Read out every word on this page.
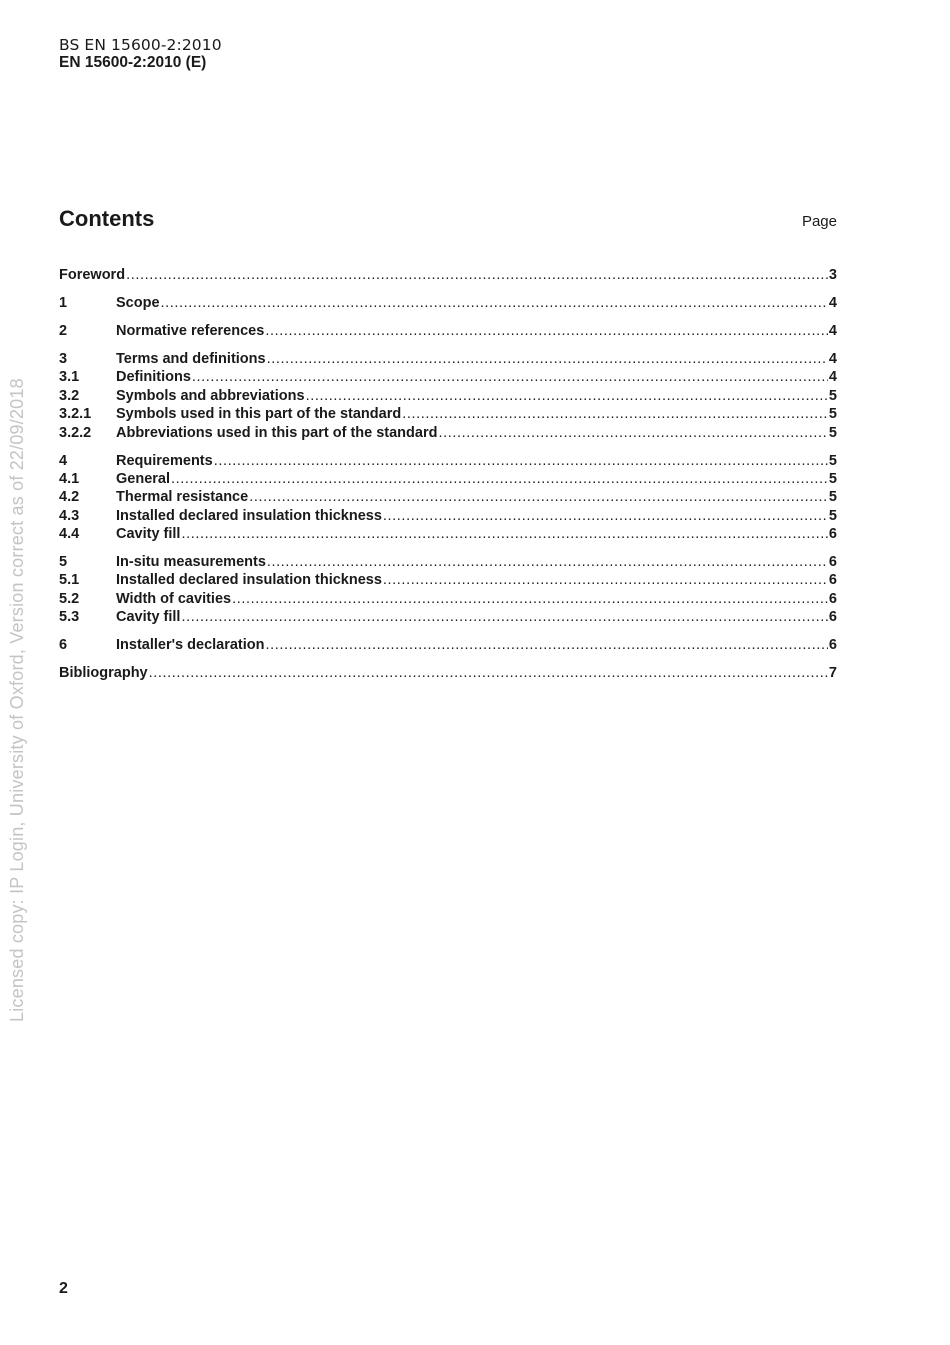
BS EN 15600-2:2010
EN 15600-2:2010 (E)
Contents	Page
Foreword .....	3
1	Scope .....	4
2	Normative references .....	4
3	Terms and definitions .....	4
3.1	Definitions .....	4
3.2	Symbols and abbreviations .....	5
3.2.1	Symbols used in this part of the standard .....	5
3.2.2	Abbreviations used in this part of the standard .....	5
4	Requirements .....	5
4.1	General .....	5
4.2	Thermal resistance .....	5
4.3	Installed declared insulation thickness .....	5
4.4	Cavity fill .....	6
5	In-situ measurements .....	6
5.1	Installed declared insulation thickness .....	6
5.2	Width of cavities .....	6
5.3	Cavity fill .....	6
6	Installer's declaration .....	6
Bibliography .....	7
Licensed copy: IP Login, University of Oxford, Version correct as of 22/09/2018
2
